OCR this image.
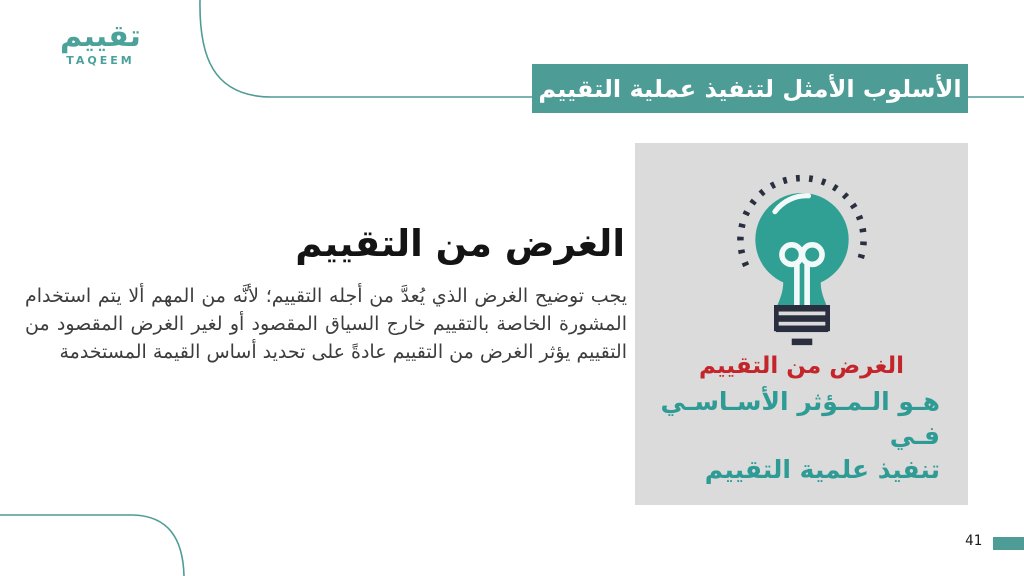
تقييم
TAQEEM
الأسلوب الأمثل لتنفيذ عملية التقييم
الغرض من التقييم

يجب توضيح الغرض الذي يُعدَّ من أجله التقييم؛ لأنَّه من المهم ألا يتم استخدام المشورة الخاصة بالتقييم خارج السياق المقصود أو لغير الغرض المقصود من التقييم يؤثر الغرض من التقييم عادةً على تحديد أساس القيمة المستخدمة

الغرض من التقييم
هـو الـمـؤثر الأسـاسـي فـي
تنفيذ علمية التقييم
41
